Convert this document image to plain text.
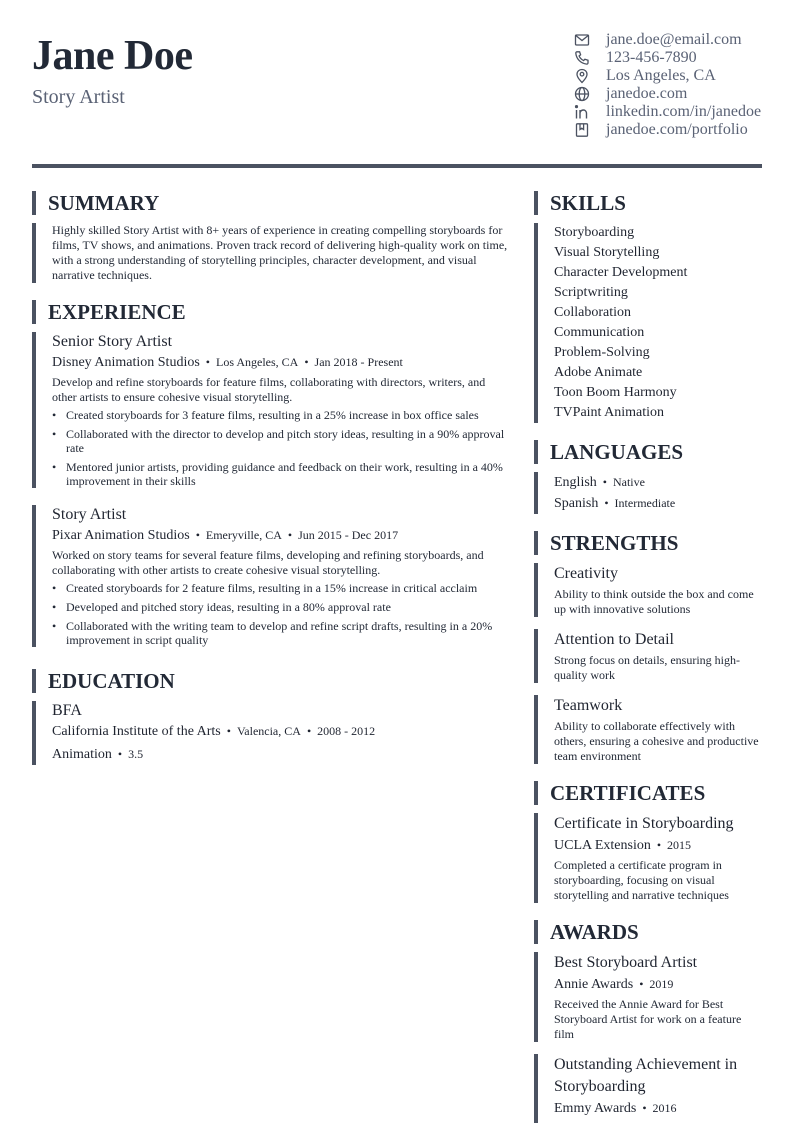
Jane Doe
Story Artist
jane.doe@email.com
123-456-7890
Los Angeles, CA
janedoe.com
linkedin.com/in/janedoe
janedoe.com/portfolio
SUMMARY
Highly skilled Story Artist with 8+ years of experience in creating compelling storyboards for films, TV shows, and animations. Proven track record of delivering high-quality work on time, with a strong understanding of storytelling principles, character development, and visual narrative techniques.
EXPERIENCE
Senior Story Artist
Disney Animation Studios • Los Angeles, CA • Jan 2018 - Present
Develop and refine storyboards for feature films, collaborating with directors, writers, and other artists to ensure cohesive visual storytelling.
• Created storyboards for 3 feature films, resulting in a 25% increase in box office sales
• Collaborated with the director to develop and pitch story ideas, resulting in a 90% approval rate
• Mentored junior artists, providing guidance and feedback on their work, resulting in a 40% improvement in their skills
Story Artist
Pixar Animation Studios • Emeryville, CA • Jun 2015 - Dec 2017
Worked on story teams for several feature films, developing and refining storyboards, and collaborating with other artists to create cohesive visual storytelling.
• Created storyboards for 2 feature films, resulting in a 15% increase in critical acclaim
• Developed and pitched story ideas, resulting in a 80% approval rate
• Collaborated with the writing team to develop and refine script drafts, resulting in a 20% improvement in script quality
EDUCATION
BFA
California Institute of the Arts • Valencia, CA • 2008 - 2012
Animation • 3.5
SKILLS
Storyboarding
Visual Storytelling
Character Development
Scriptwriting
Collaboration
Communication
Problem-Solving
Adobe Animate
Toon Boom Harmony
TVPaint Animation
LANGUAGES
English • Native
Spanish • Intermediate
STRENGTHS
Creativity
Ability to think outside the box and come up with innovative solutions
Attention to Detail
Strong focus on details, ensuring high-quality work
Teamwork
Ability to collaborate effectively with others, ensuring a cohesive and productive team environment
CERTIFICATES
Certificate in Storyboarding
UCLA Extension • 2015
Completed a certificate program in storyboarding, focusing on visual storytelling and narrative techniques
AWARDS
Best Storyboard Artist
Annie Awards • 2019
Received the Annie Award for Best Storyboard Artist for work on a feature film
Outstanding Achievement in Storyboarding
Emmy Awards • 2016
